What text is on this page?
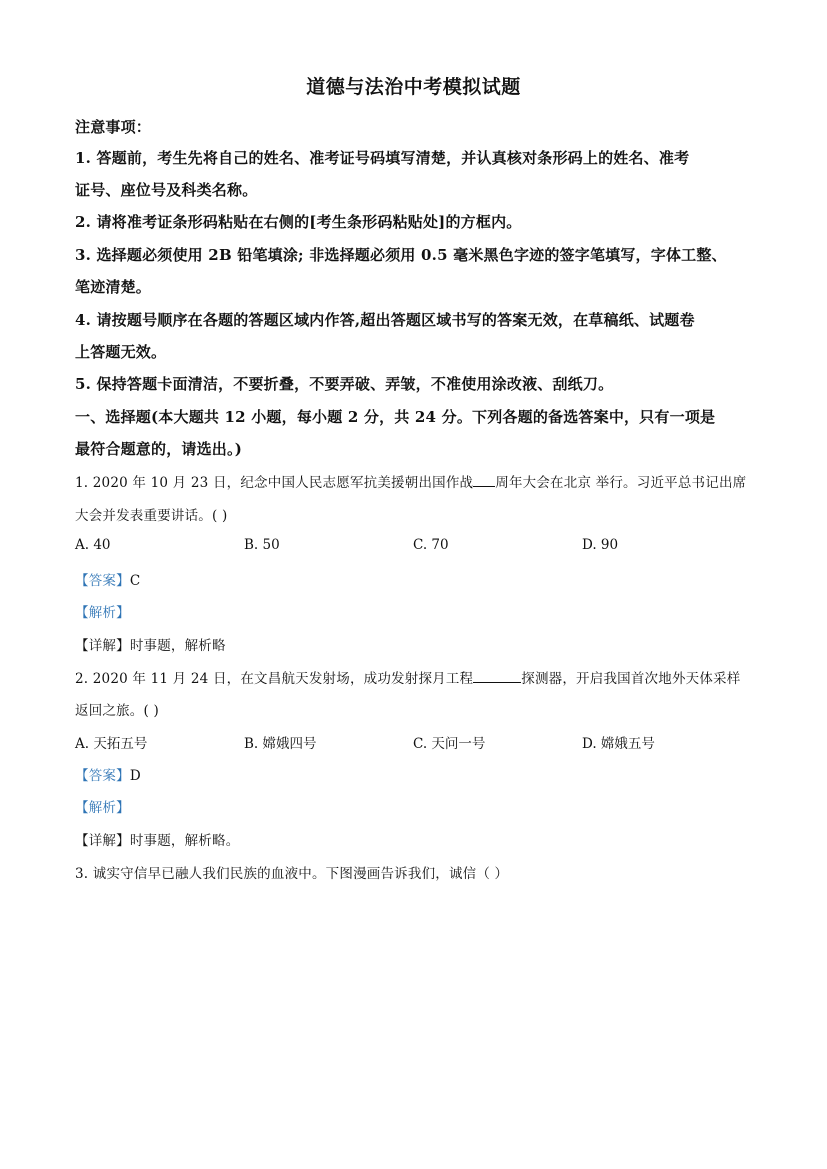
道德与法治中考模拟试题
注意事项：
1. 答题前，考生先将自己的姓名、准考证号码填写清楚，并认真核对条形码上的姓名、准考
证号、座位号及科类名称。
2. 请将准考证条形码粘贴在右侧的[考生条形码粘贴处]的方框内。
3. 选择题必须使用 2B 铅笔填涂; 非选择题必须用 0.5 毫米黑色字迹的签字笔填写，字体工整、
笔迹清楚。
4. 请按题号顺序在各题的答题区域内作答,超出答题区域书写的答案无效，在草稿纸、试题卷
上答题无效。
5. 保持答题卡面清洁，不要折叠，不要弄破、弄皱，不准使用涂改液、刮纸刀。
一、选择题(本大题共 12 小题，每小题 2 分，共 24 分。下列各题的备选答案中，只有一项是
最符合题意的，请选出。)
1. 2020 年 10 月 23 日，纪念中国人民志愿军抗美援朝出国作战 周年大会在北京 举行。习近平总书记出席
大会并发表重要讲话。( )
A. 40	B. 50	C. 70	D. 90
【答案】C
【解析】
【详解】时事题，解析略
2. 2020 年 11 月 24 日，在文昌航天发射场，成功发射探月工程	探测器，开启我国首次地外天体采样
返回之旅。( )
A. 天拓五号	B. 嫦娥四号	C. 天问一号	D. 嫦娥五号
【答案】D
【解析】
【详解】时事题，解析略。
3. 诚实守信早已融人我们民族的血液中。下图漫画告诉我们，诚信（ ）
